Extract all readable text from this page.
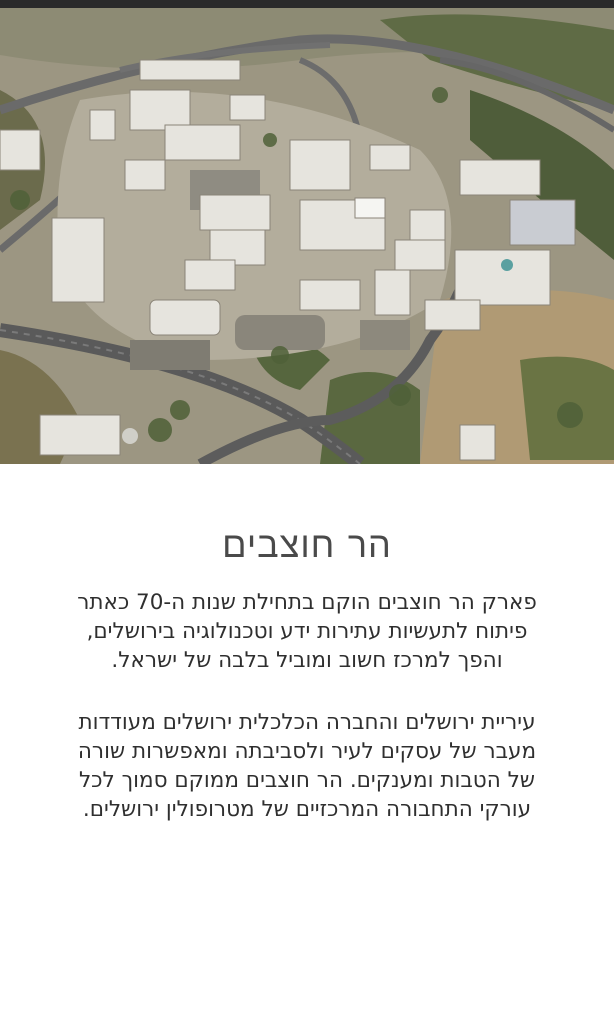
הר חוצבים

פארק הר חוצבים הוקם בתחילת שנות ה-70 כאתר
פיתוח לתעשיות עתירות ידע וטכנולוגיה בירושלים,
והפך למרכז חשוב ומוביל בלבה של ישראל.

עיריית ירושלים והחברה הכלכלית ירושלים מעודדות
מעבר של עסקים לעיר ולסביבתה ומאפשרות שורה
של הטבות ומענקים. הר חוצבים ממוקם סמוך לכל
עורקי התחבורה המרכזיים של מטרופולין ירושלים.
